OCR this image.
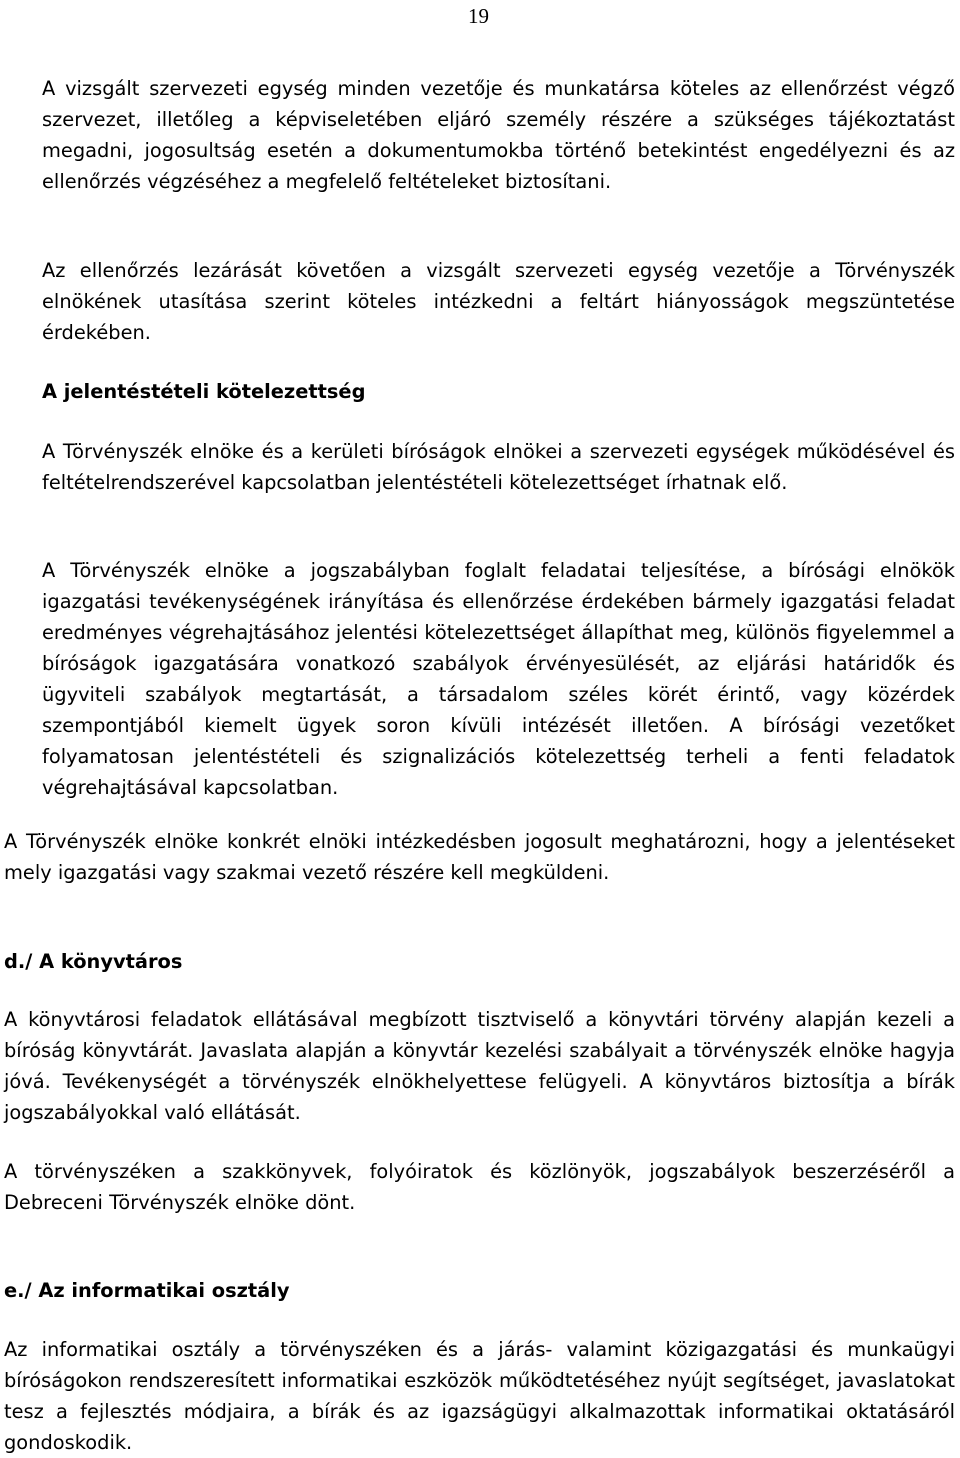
19

A vizsgált szervezeti egység minden vezetője és munkatársa köteles az ellenőrzést végző szervezet, illetőleg a képviseletében eljáró személy részére a szükséges tájékoztatást megadni, jogosultság esetén a dokumentumokba történő betekintést engedélyezni és az ellenőrzés végzéséhez a megfelelő feltételeket biztosítani.

Az ellenőrzés lezárását követően a vizsgált szervezeti egység vezetője a Törvényszék elnökének utasítása szerint köteles intézkedni a feltárt hiányosságok megszüntetése érdekében.

A jelentéstételi kötelezettség

A Törvényszék elnöke és a kerületi bíróságok elnökei a szervezeti egységek működésével és feltételrendszerével kapcsolatban jelentéstételi kötelezettséget írhatnak elő.

A Törvényszék elnöke a jogszabályban foglalt feladatai teljesítése, a bírósági elnökök igazgatási tevékenységének irányítása és ellenőrzése érdekében bármely igazgatási feladat eredményes végrehajtásához jelentési kötelezettséget állapíthat meg, különös figyelemmel a bíróságok igazgatására vonatkozó szabályok érvényesülését, az eljárási határidők és ügyviteli szabályok megtartását, a társadalom széles körét érintő, vagy közérdek szempontjából kiemelt ügyek soron kívüli intézését illetően. A bírósági vezetőket folyamatosan jelentéstételi és szignalizációs kötelezettség terheli a fenti feladatok végrehajtásával kapcsolatban.

A Törvényszék elnöke konkrét elnöki intézkedésben jogosult meghatározni, hogy a jelentéseket mely igazgatási vagy szakmai vezető részére kell megküldeni.

d./ A könyvtáros

A könyvtárosi feladatok ellátásával megbízott tisztviselő a könyvtári törvény alapján kezeli a bíróság könyvtárát. Javaslata alapján a könyvtár kezelési szabályait a törvényszék elnöke hagyja jóvá. Tevékenységét a törvényszék elnökhelyettese felügyeli. A könyvtáros biztosítja a bírák jogszabályokkal való ellátását.

A törvényszéken a szakkönyvek, folyóiratok és közlönyök, jogszabályok beszerzéséről a Debreceni Törvényszék elnöke dönt.

e./ Az informatikai osztály

Az informatikai osztály a törvényszéken és a járás- valamint közigazgatási és munkaügyi bíróságokon rendszeresített informatikai eszközök működtetéséhez nyújt segítséget, javaslatokat tesz a fejlesztés módjaira, a bírák és az igazságügyi alkalmazottak informatikai oktatásáról gondoskodik.
